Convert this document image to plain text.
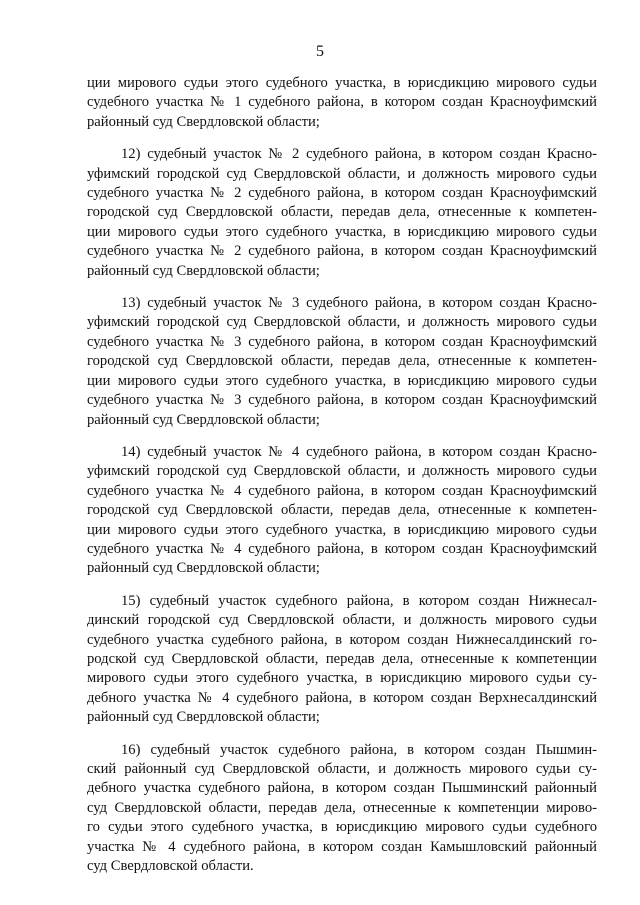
5

ции мирового судьи этого судебного участка, в юрисдикцию мирового судьи
судебного участка № 1 судебного района, в котором создан Красноуфимский
районный суд Свердловской области;

12) судебный участок № 2 судебного района, в котором создан Красно-
уфимский городской суд Свердловской области, и должность мирового судьи
судебного участка № 2 судебного района, в котором создан Красноуфимский
городской суд Свердловской области, передав дела, отнесенные к компетен-
ции мирового судьи этого судебного участка, в юрисдикцию мирового судьи
судебного участка № 2 судебного района, в котором создан Красноуфимский
районный суд Свердловской области;

13) судебный участок № 3 судебного района, в котором создан Красно-
уфимский городской суд Свердловской области, и должность мирового судьи
судебного участка № 3 судебного района, в котором создан Красноуфимский
городской суд Свердловской области, передав дела, отнесенные к компетен-
ции мирового судьи этого судебного участка, в юрисдикцию мирового судьи
судебного участка № 3 судебного района, в котором создан Красноуфимский
районный суд Свердловской области;

14) судебный участок № 4 судебного района, в котором создан Красно-
уфимский городской суд Свердловской области, и должность мирового судьи
судебного участка № 4 судебного района, в котором создан Красноуфимский
городской суд Свердловской области, передав дела, отнесенные к компетен-
ции мирового судьи этого судебного участка, в юрисдикцию мирового судьи
судебного участка № 4 судебного района, в котором создан Красноуфимский
районный суд Свердловской области;

15) судебный участок судебного района, в котором создан Нижнесал-
динский городской суд Свердловской области, и должность мирового судьи
судебного участка судебного района, в котором создан Нижнесалдинский го-
родской суд Свердловской области, передав дела, отнесенные к компетенции
мирового судьи этого судебного участка, в юрисдикцию мирового судьи су-
дебного участка № 4 судебного района, в котором создан Верхнесалдинский
районный суд Свердловской области;

16) судебный участок судебного района, в котором создан Пышмин-
ский районный суд Свердловской области, и должность мирового судьи су-
дебного участка судебного района, в котором создан Пышминский районный
суд Свердловской области, передав дела, отнесенные к компетенции мирово-
го судьи этого судебного участка, в юрисдикцию мирового судьи судебного
участка № 4 судебного района, в котором создан Камышловский районный
суд Свердловской области.
